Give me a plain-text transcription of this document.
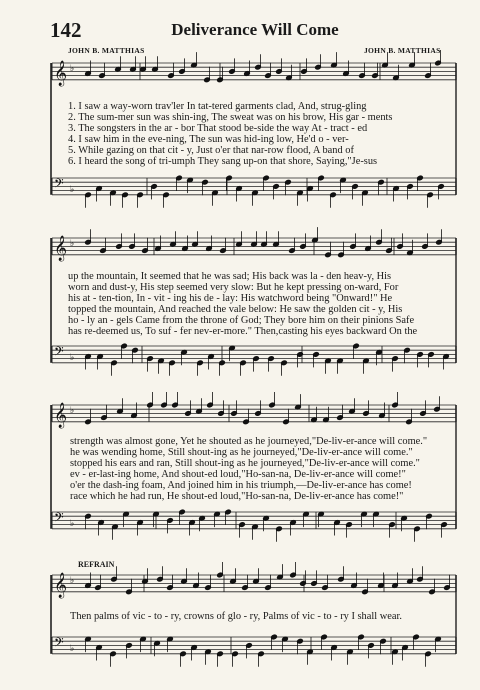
142	Deliverance Will Come
JOHN B. MATTHIAS	JOHN B. MATTHIAS
𝄞 ♭
𝄢 ♭
𝄞 ♭
𝄢 ♭
𝄞 ♭
𝄢 ♭
𝄞 ♭
𝄢 ♭
1. I saw a way-worn trav'ler In tat-tered garments clad, And, strug-gling
2. The sum-mer sun was shin-ing, The sweat was on his brow, His gar - ments
3. The songsters in the ar - bor That stood be-side the way At - tract - ed
4. I saw him in the eve-ning, The sun was hid-ing low, He'd o - ver-
5. While gazing on that cit - y, Just o'er that nar-row flood, A band of
6. I heard the song of tri-umph They sang up-on that shore, Saying,"Je-sus
up the mountain, It seemed that he was sad; His back was la - den heav-y, His
worn and dust-y, His step seemed very slow: But he kept pressing on-ward, For
his at - ten-tion, In - vit - ing his de - lay: His watchword being "Onward!" He
topped the mountain, And reached the vale below: He saw the golden cit - y, His
ho - ly an - gels Came from the throne of God; They bore him on their pinions Safe
has re-deemed us, To suf - fer nev-er-more." Then,casting his eyes backward On the
strength was almost gone, Yet he shouted as he journeyed,"De-liv-er-ance will come."
he was wending home, Still shout-ing as he journeyed,"De-liv-er-ance will come."
stopped his ears and ran, Still shout-ing as he journeyed,"De-liv-er-ance will come."
ev - er-last-ing home, And shout-ed loud,"Ho-san-na, De-liv-er-ance will come!"
o'er the dash-ing foam, And joined him in his triumph,—De-liv-er-ance has come!
race which he had run, He shout-ed loud,"Ho-san-na, De-liv-er-ance has come!"
REFRAIN
Then palms of vic - to - ry, crowns of glo - ry, Palms of vic - to - ry I shall wear.
